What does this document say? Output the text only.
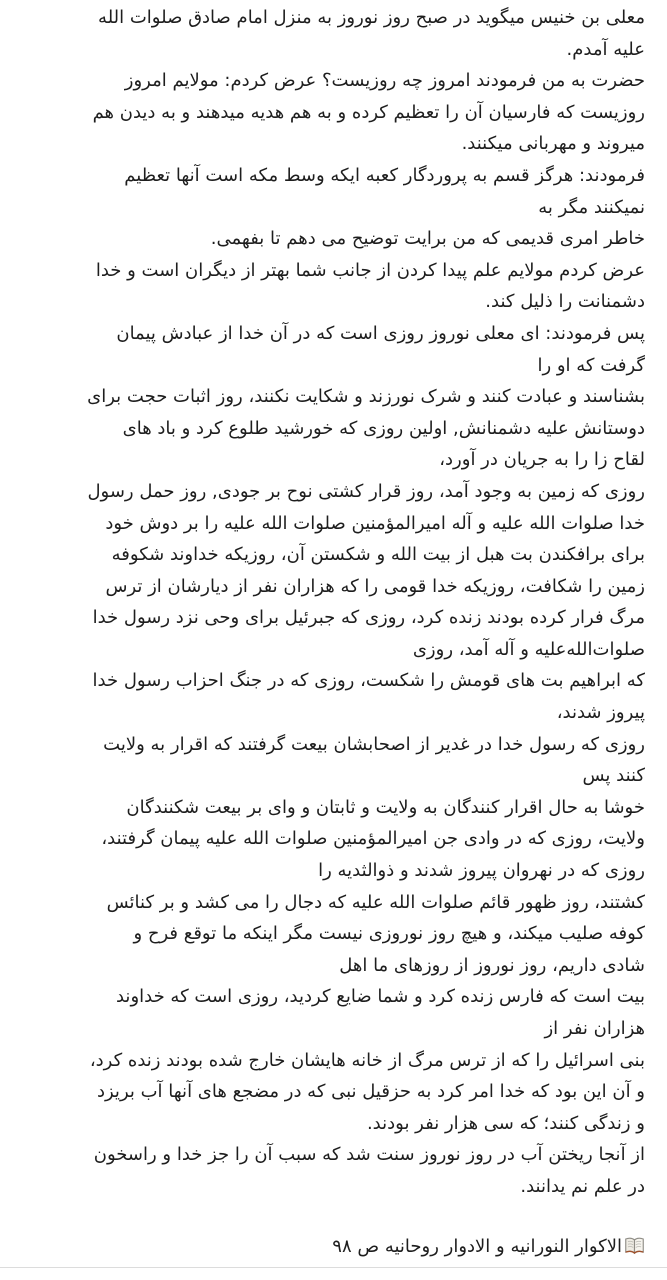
معلی بن خنیس میگوید در صبح روز نوروز به منزل امام صادق صلوات الله
علیه آمدم.
حضرت به من فرمودند امروز چه روزیست؟ عرض کردم: مولایم امروز
روزیست که فارسیان آن را تعظیم کرده و به هم هدیه میدهند و به دیدن هم
میروند و مهربانی میکنند.
فرمودند: هرگز قسم به پروردگار کعبه ایکه وسط مکه است آنها تعظیم
نمیکنند مگر به
خاطر امری قدیمی که من برایت توضیح می دهم تا بفهمی.
عرض کردم مولایم علم پیدا کردن از جانب شما بهتر از دیگران است و خدا
دشمنانت را ذلیل کند.
پس فرمودند: ای معلی نوروز روزی است که در آن خدا از عبادش پیمان
گرفت که او را
بشناسند و عبادت کنند و شرک نورزند و شکایت نکنند، روز اثبات حجت برای
دوستانش علیه دشمنانش, اولین روزی که خورشید طلوع کرد و باد های
لقاح زا را به جریان در آورد،
روزی که زمین به وجود آمد، روز قرار کشتی نوح بر جودی, روز حمل رسول
خدا صلوات الله علیه و آله امیرالمؤمنین صلوات الله علیه را بر دوش خود
برای برافکندن بت هبل از بیت الله و شکستن آن، روزیکه خداوند شکوفه
زمین را شکافت، روزیکه خدا قومی را که هزاران نفر از دیارشان از ترس
مرگ فرار کرده بودند زنده کرد، روزی که جبرئیل برای وحی نزد رسول خدا
صلوات‌الله‌علیه و آله آمد، روزی
که ابراهیم بت های قومش را شکست، روزی که در جنگ احزاب رسول خدا
پیروز شدند،
روزی که رسول خدا در غدیر از اصحابشان بیعت گرفتند که اقرار به ولایت
کنند پس
خوشا به حال اقرار کنندگان به ولایت و ثابتان و وای بر بیعت شکنندگان
ولایت، روزی که در وادی جن امیرالمؤمنین صلوات الله علیه پیمان گرفتند،
روزی که در نهروان پیروز شدند و ذوالثدیه را
کشتند، روز ظهور قائم صلوات الله علیه که دجال را می کشد و بر کنائس
کوفه صلیب میکند، و هیچ روز نوروزی نیست مگر اینکه ما توقع فرح و
شادی داریم، روز نوروز از روزهای ما اهل
بیت است که فارس زنده کرد و شما ضایع کردید، روزی است که خداوند
هزاران نفر از
بنی اسرائیل را که از ترس مرگ از خانه هایشان خارج شده بودند زنده کرد،
و آن این بود که خدا امر کرد به حزقیل نبی که در مضجع های آنها آب بریزد
و زندگی کنند؛ که سی هزار نفر بودند.
از آنجا ریختن آب در روز نوروز سنت شد که سبب آن را جز خدا و راسخون
در علم نم یدانند.
الاکوار النورانیه و الادوار روحانیه ص ۹۸
